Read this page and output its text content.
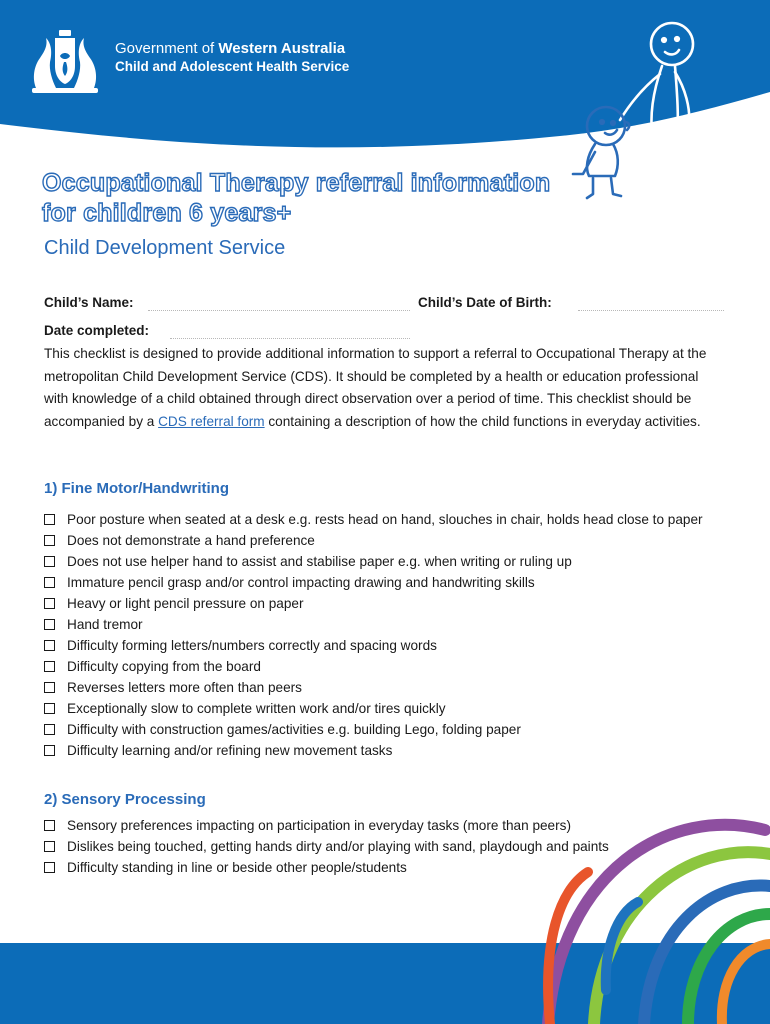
Government of Western Australia
Child and Adolescent Health Service
Occupational Therapy referral information
for children 6 years+
Child Development Service
Child’s Name:	Child’s Date of Birth:
Date completed:

This checklist is designed to provide additional information to support a referral to Occupational Therapy at the metropolitan Child Development Service (CDS). It should be completed by a health or education professional with knowledge of a child obtained through direct observation over a period of time. This checklist should be accompanied by a CDS referral form containing a description of how the child functions in everyday activities.

1) Fine Motor/Handwriting
Poor posture when seated at a desk e.g. rests head on hand, slouches in chair, holds head close to paper
Does not demonstrate a hand preference
Does not use helper hand to assist and stabilise paper e.g. when writing or ruling up
Immature pencil grasp and/or control impacting drawing and handwriting skills
Heavy or light pencil pressure on paper
Hand tremor
Difficulty forming letters/numbers correctly and spacing words
Difficulty copying from the board
Reverses letters more often than peers
Exceptionally slow to complete written work and/or tires quickly
Difficulty with construction games/activities e.g. building Lego, folding paper
Difficulty learning and/or refining new movement tasks
2) Sensory Processing
Sensory preferences impacting on participation in everyday tasks (more than peers)
Dislikes being touched, getting hands dirty and/or playing with sand, playdough and paints
Difficulty standing in line or beside other people/students
